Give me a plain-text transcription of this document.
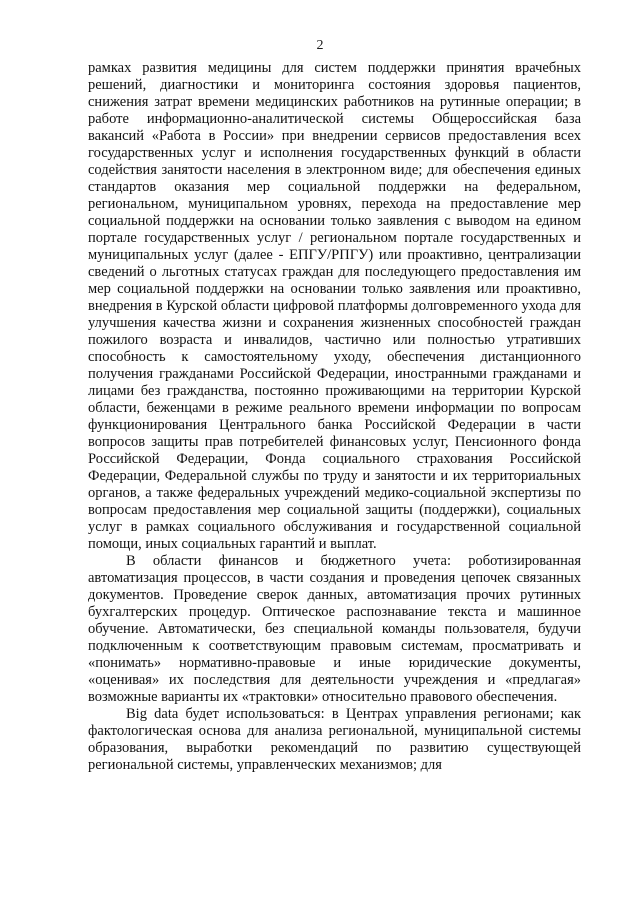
2

рамках развития медицины для систем поддержки принятия врачебных решений, диагностики и мониторинга состояния здоровья пациентов, снижения затрат времени медицинских работников на рутинные операции; в работе информационно-аналитической системы Общероссийская база вакансий «Работа в России» при внедрении сервисов предоставления всех государственных услуг и исполнения государственных функций в области содействия занятости населения в электронном виде; для обеспечения единых стандартов оказания мер социальной поддержки на федеральном, региональном, муниципальном уровнях, перехода на предоставление мер социальной поддержки на основании только заявления с выводом на едином портале государственных услуг / региональном портале государственных и муниципальных услуг (далее - ЕПГУ/РПГУ) или проактивно, централизации сведений о льготных статусах граждан для последующего предоставления им мер социальной поддержки на основании только заявления или проактивно, внедрения в Курской области цифровой платформы долговременного ухода для улучшения качества жизни и сохранения жизненных способностей граждан пожилого возраста и инвалидов, частично или полностью утративших способность к самостоятельному уходу, обеспечения дистанционного получения гражданами Российской Федерации, иностранными гражданами и лицами без гражданства, постоянно проживающими на территории Курской области, беженцами в режиме реального времени информации по вопросам функционирования Центрального банка Российской Федерации в части вопросов защиты прав потребителей финансовых услуг, Пенсионного фонда Российской Федерации, Фонда социального страхования Российской Федерации, Федеральной службы по труду и занятости и их территориальных органов, а также федеральных учреждений медико-социальной экспертизы по вопросам предоставления мер социальной защиты (поддержки), социальных услуг в рамках социального обслуживания и государственной социальной помощи, иных социальных гарантий и выплат.

В области финансов и бюджетного учета: роботизированная автоматизация процессов, в части создания и проведения цепочек связанных документов. Проведение сверок данных, автоматизация прочих рутинных бухгалтерских процедур. Оптическое распознавание текста и машинное обучение. Автоматически, без специальной команды пользователя, будучи подключенным к соответствующим правовым системам, просматривать и «понимать» нормативно-правовые и иные юридические документы, «оценивая» их последствия для деятельности учреждения и «предлагая» возможные варианты их «трактовки» относительно правового обеспечения.

Big data будет использоваться: в Центрах управления регионами; как фактологическая основа для анализа региональной, муниципальной системы образования, выработки рекомендаций по развитию существующей региональной системы, управленческих механизмов; для
